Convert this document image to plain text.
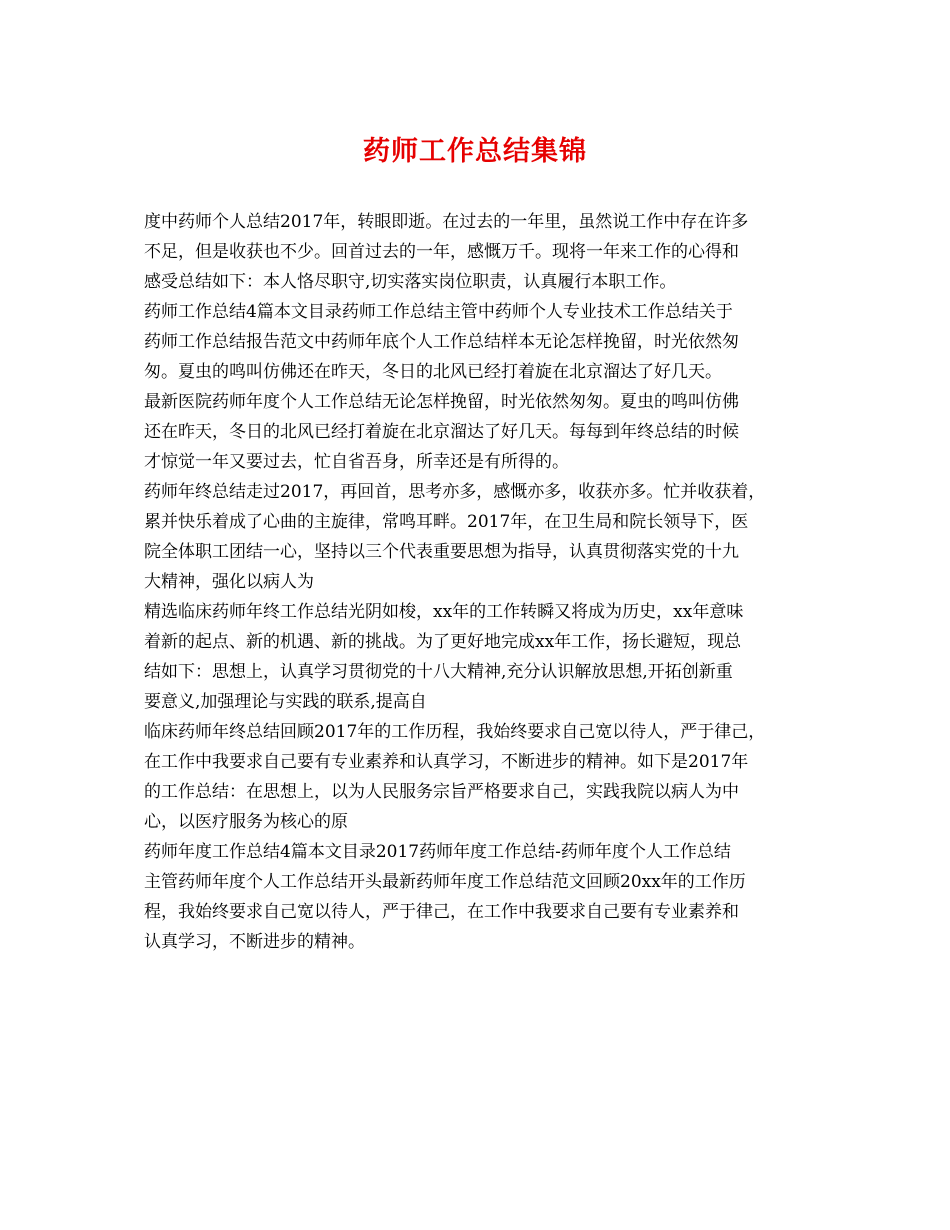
药师工作总结集锦

度中药师个人总结2017年，转眼即逝。在过去的一年里，虽然说工作中存在许多
不足，但是收获也不少。回首过去的一年，感慨万千。现将一年来工作的心得和
感受总结如下：本人恪尽职守,切实落实岗位职责，认真履行本职工作。

药师工作总结4篇本文目录药师工作总结主管中药师个人专业技术工作总结关于
药师工作总结报告范文中药师年底个人工作总结样本无论怎样挽留，时光依然匆
匆。夏虫的鸣叫仿佛还在昨天，冬日的北风已经打着旋在北京溜达了好几天。

最新医院药师年度个人工作总结无论怎样挽留，时光依然匆匆。夏虫的鸣叫仿佛
还在昨天，冬日的北风已经打着旋在北京溜达了好几天。每每到年终总结的时候
才惊觉一年又要过去，忙自省吾身，所幸还是有所得的。

药师年终总结走过2017，再回首，思考亦多，感慨亦多，收获亦多。忙并收获着，
累并快乐着成了心曲的主旋律，常鸣耳畔。2017年，在卫生局和院长领导下，医
院全体职工团结一心，坚持以三个代表重要思想为指导，认真贯彻落实党的十九
大精神，强化以病人为

精选临床药师年终工作总结光阴如梭，xx年的工作转瞬又将成为历史，xx年意味
着新的起点、新的机遇、新的挑战。为了更好地完成xx年工作，扬长避短，现总
结如下：思想上，认真学习贯彻党的十八大精神,充分认识解放思想,开拓创新重
要意义,加强理论与实践的联系,提高自

临床药师年终总结回顾2017年的工作历程，我始终要求自己宽以待人，严于律己，
在工作中我要求自己要有专业素养和认真学习，不断进步的精神。如下是2017年
的工作总结：在思想上，以为人民服务宗旨严格要求自己，实践我院以病人为中
心，以医疗服务为核心的原

药师年度工作总结4篇本文目录2017药师年度工作总结-药师年度个人工作总结
主管药师年度个人工作总结开头最新药师年度工作总结范文回顾20xx年的工作历
程，我始终要求自己宽以待人，严于律己，在工作中我要求自己要有专业素养和
认真学习，不断进步的精神。
